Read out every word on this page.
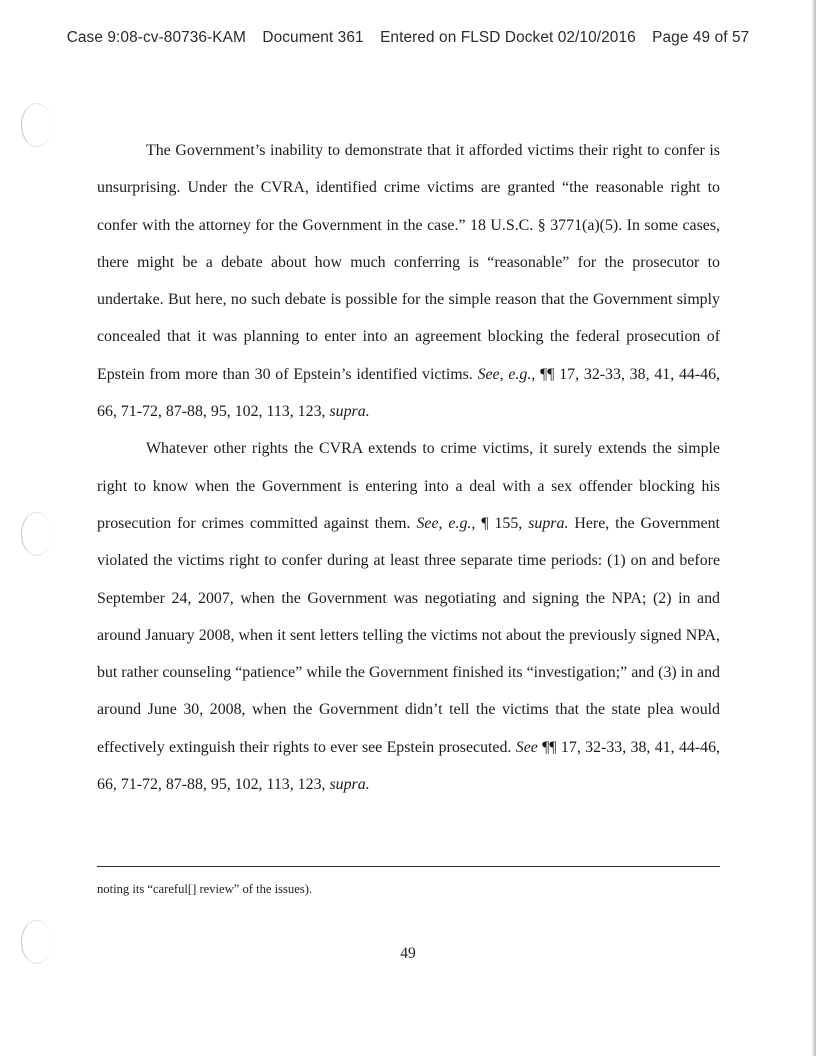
Case 9:08-cv-80736-KAM Document 361 Entered on FLSD Docket 02/10/2016 Page 49 of 57

The Government’s inability to demonstrate that it afforded victims their right to confer is unsurprising. Under the CVRA, identified crime victims are granted “the reasonable right to confer with the attorney for the Government in the case.” 18 U.S.C. § 3771(a)(5). In some cases, there might be a debate about how much conferring is “reasonable” for the prosecutor to undertake. But here, no such debate is possible for the simple reason that the Government simply concealed that it was planning to enter into an agreement blocking the federal prosecution of Epstein from more than 30 of Epstein’s identified victims. See, e.g., ¶¶ 17, 32-33, 38, 41, 44-46, 66, 71-72, 87-88, 95, 102, 113, 123, supra.

Whatever other rights the CVRA extends to crime victims, it surely extends the simple right to know when the Government is entering into a deal with a sex offender blocking his prosecution for crimes committed against them. See, e.g., ¶ 155, supra. Here, the Government violated the victims right to confer during at least three separate time periods: (1) on and before September 24, 2007, when the Government was negotiating and signing the NPA; (2) in and around January 2008, when it sent letters telling the victims not about the previously signed NPA, but rather counseling “patience” while the Government finished its “investigation;” and (3) in and around June 30, 2008, when the Government didn’t tell the victims that the state plea would effectively extinguish their rights to ever see Epstein prosecuted. See ¶¶ 17, 32-33, 38, 41, 44-46, 66, 71-72, 87-88, 95, 102, 113, 123, supra.

noting its “careful[] review” of the issues).
49
